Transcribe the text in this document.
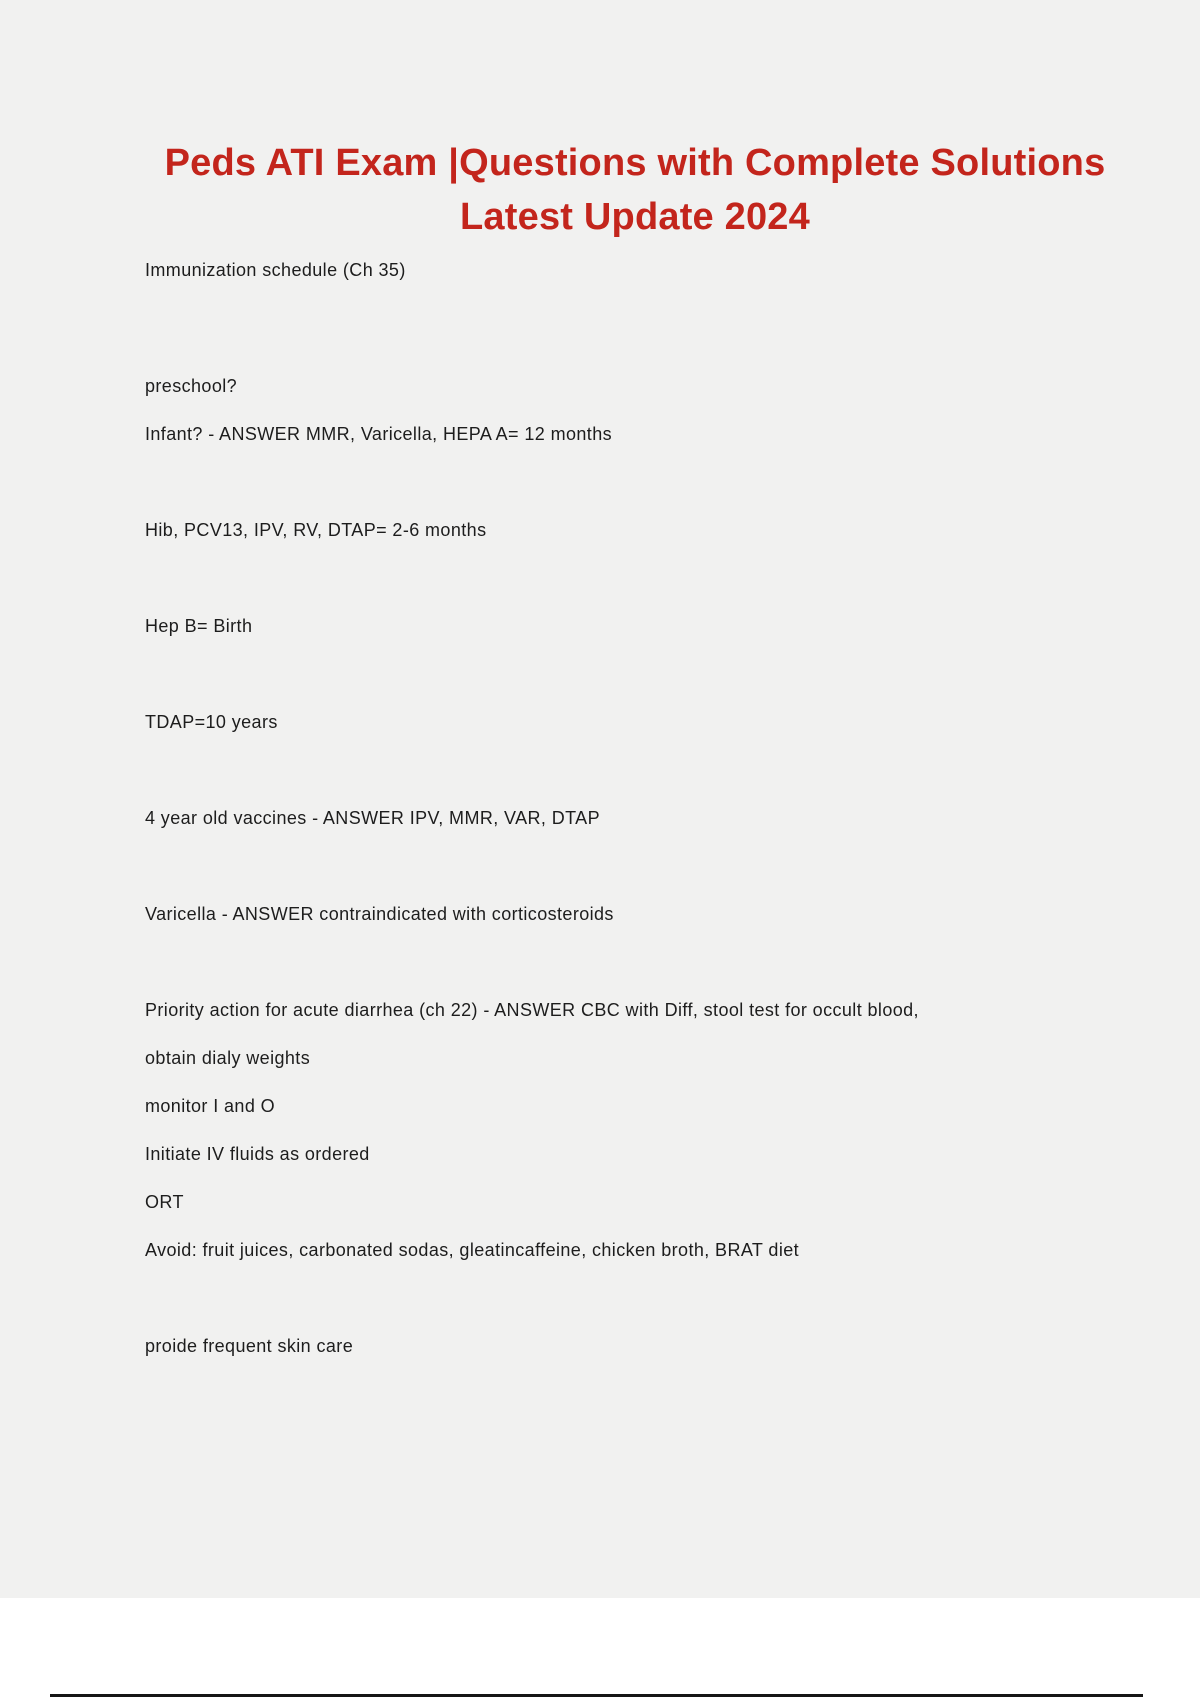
Peds ATI Exam |Questions with Complete Solutions
Latest Update 2024
Immunization schedule (Ch 35)
preschool?
Infant? - ANSWER MMR, Varicella, HEPA A= 12 months
Hib, PCV13, IPV, RV, DTAP= 2-6 months
Hep B= Birth
TDAP=10 years
4 year old vaccines - ANSWER IPV, MMR, VAR, DTAP
Varicella - ANSWER contraindicated with corticosteroids
Priority action for acute diarrhea (ch 22) - ANSWER CBC with Diff, stool test for occult blood,
obtain dialy weights
monitor I and O
Initiate IV fluids as ordered
ORT
Avoid: fruit juices, carbonated sodas, gleatincaffeine, chicken broth, BRAT diet
proide frequent skin care
